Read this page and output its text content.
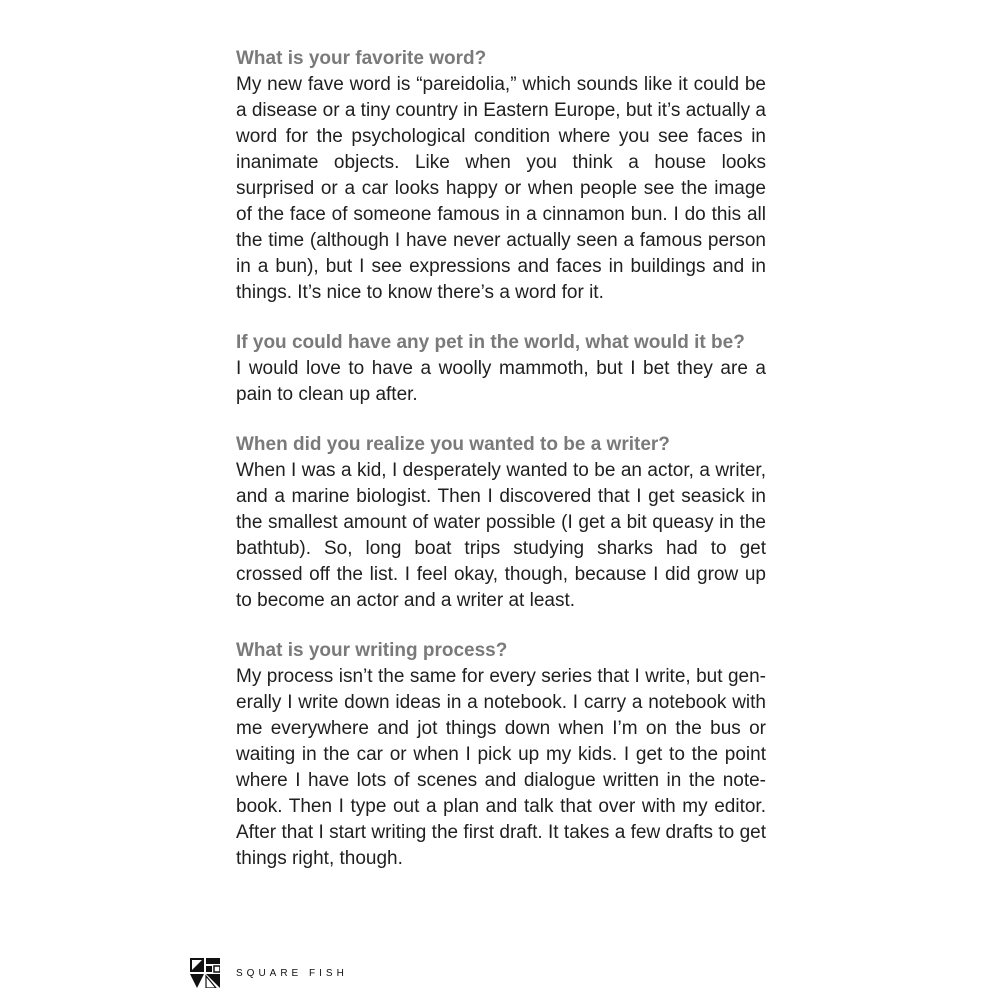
What is your favorite word?

My new fave word is “pareidolia,” which sounds like it could be a disease or a tiny country in Eastern Europe, but it’s actually a word for the psychological condition where you see faces in inanimate objects. Like when you think a house looks surprised or a car looks happy or when people see the image of the face of someone famous in a cinnamon bun. I do this all the time (although I have never actually seen a famous person in a bun), but I see expressions and faces in buildings and in things. It’s nice to know there’s a word for it.

If you could have any pet in the world, what would it be?

I would love to have a woolly mammoth, but I bet they are a pain to clean up after.

When did you realize you wanted to be a writer?

When I was a kid, I desperately wanted to be an actor, a writer, and a marine biologist. Then I discovered that I get seasick in the smallest amount of water possible (I get a bit queasy in the bathtub). So, long boat trips studying sharks had to get crossed off the list. I feel okay, though, because I did grow up to become an actor and a writer at least.

What is your writing process?

My process isn’t the same for every series that I write, but gen-erally I write down ideas in a notebook. I carry a notebook with me everywhere and jot things down when I’m on the bus or waiting in the car or when I pick up my kids. I get to the point where I have lots of scenes and dialogue written in the note-book. Then I type out a plan and talk that over with my editor. After that I start writing the first draft. It takes a few drafts to get things right, though.

SQUARE FISH
